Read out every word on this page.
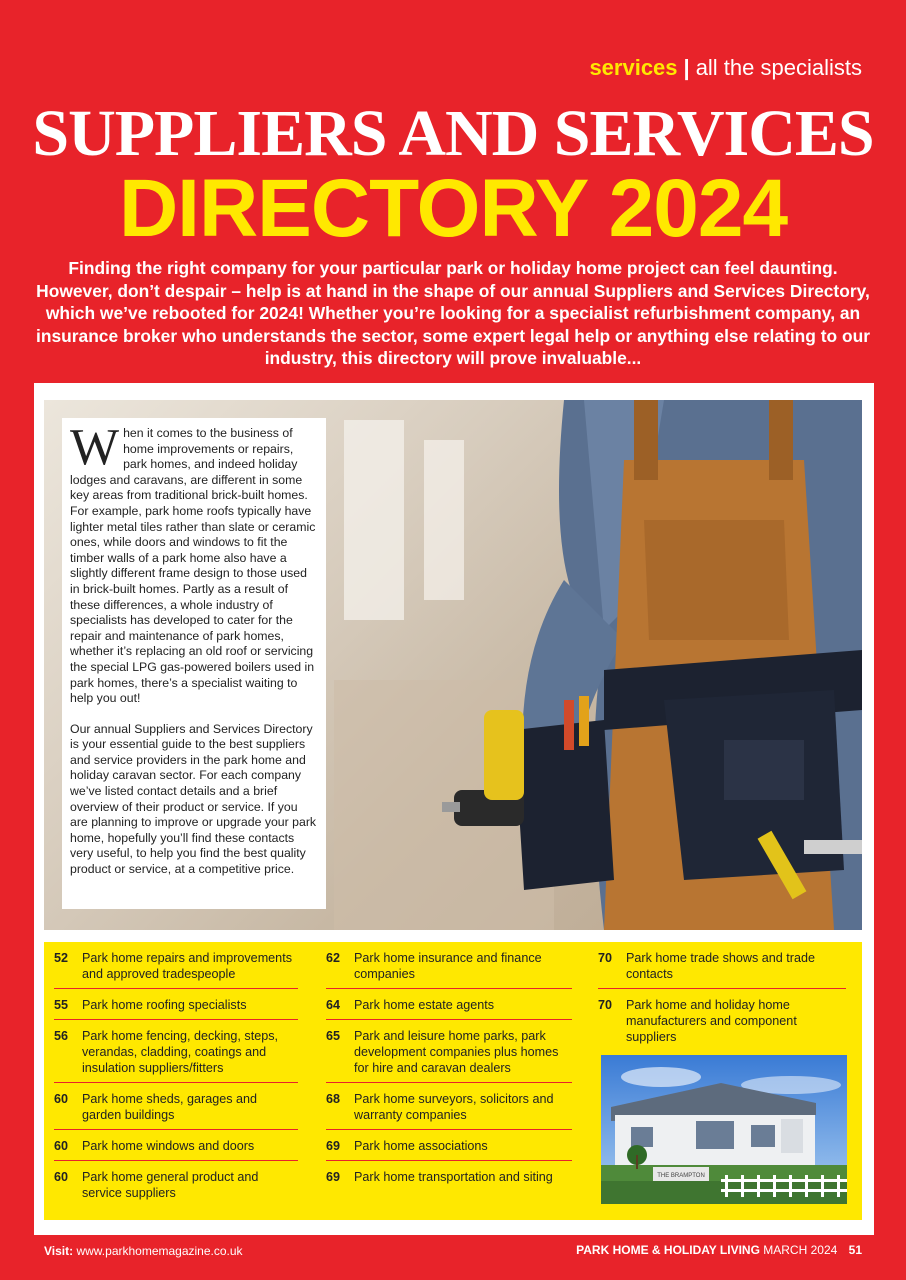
services | all the specialists
SUPPLIERS AND SERVICES
DIRECTORY 2024
Finding the right company for your particular park or holiday home project can feel daunting. However, don’t despair – help is at hand in the shape of our annual Suppliers and Services Directory, which we’ve rebooted for 2024! Whether you’re looking for a specialist refurbishment company, an insurance broker who understands the sector, some expert legal help or anything else relating to our industry, this directory will prove invaluable...

When it comes to the business of home improvements or repairs, park homes, and indeed holiday lodges and caravans, are different in some key areas from traditional brick-built homes. For example, park home roofs typically have lighter metal tiles rather than slate or ceramic ones, while doors and windows to fit the timber walls of a park home also have a slightly different frame design to those used in brick-built homes. Partly as a result of these differences, a whole industry of specialists has developed to cater for the repair and maintenance of park homes, whether it’s replacing an old roof or servicing the special LPG gas-powered boilers used in park homes, there’s a specialist waiting to help you out!

Our annual Suppliers and Services Directory is your essential guide to the best suppliers and service providers in the park home and holiday caravan sector. For each company we’ve listed contact details and a brief overview of their product or service. If you are planning to improve or upgrade your park home, hopefully you’ll find these contacts very useful, to help you find the best quality product or service, at a competitive price.

52	Park home repairs and improvements and approved tradespeople
55	Park home roofing specialists
56	Park home fencing, decking, steps, verandas, cladding, coatings and insulation suppliers/fitters
60	Park home sheds, garages and garden buildings
60	Park home windows and doors
60	Park home general product and service suppliers
62	Park home insurance and finance companies
64	Park home estate agents
65	Park and leisure home parks, park development companies plus homes for hire and caravan dealers
68	Park home surveyors, solicitors and warranty companies
69	Park home associations
69	Park home transportation and siting
70	Park home trade shows and trade contacts
70	Park home and holiday home manufacturers and component suppliers
THE BRAMPTON
Visit: www.parkhomemagazine.co.uk	PARK HOME & HOLIDAY LIVING MARCH 2024 51
